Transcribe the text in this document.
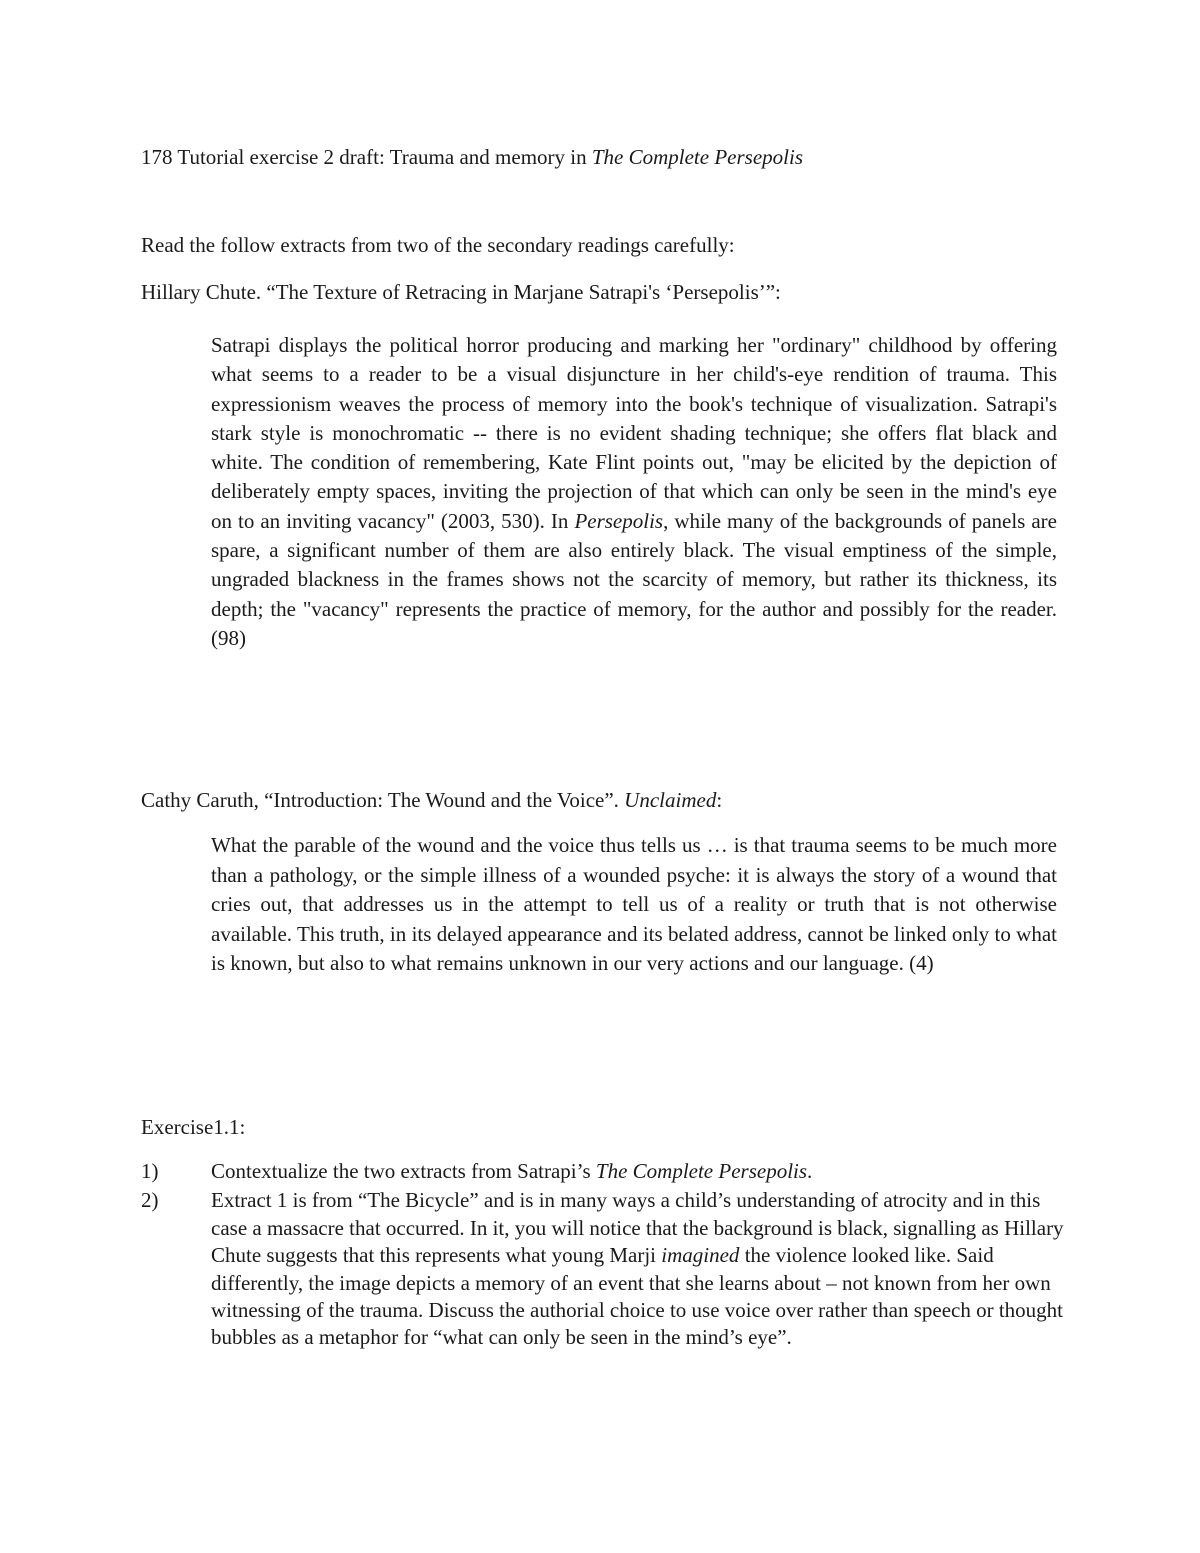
178 Tutorial exercise 2 draft: Trauma and memory in The Complete Persepolis
Read the follow extracts from two of the secondary readings carefully:
Hillary Chute. “The Texture of Retracing in Marjane Satrapi's ‘Persepolis’”:

Satrapi displays the political horror producing and marking her "ordinary" childhood by offering what seems to a reader to be a visual disjuncture in her child's-eye rendition of trauma. This expressionism weaves the process of memory into the book's technique of visualization. Satrapi's stark style is monochromatic -- there is no evident shading technique; she offers flat black and white. The condition of remembering, Kate Flint points out, "may be elicited by the depiction of deliberately empty spaces, inviting the projection of that which can only be seen in the mind's eye on to an inviting vacancy" (2003, 530). In Persepolis, while many of the backgrounds of panels are spare, a significant number of them are also entirely black. The visual emptiness of the simple, ungraded blackness in the frames shows not the scarcity of memory, but rather its thickness, its depth; the "vacancy" represents the practice of memory, for the author and possibly for the reader. (98)

Cathy Caruth, “Introduction: The Wound and the Voice”. Unclaimed:

What the parable of the wound and the voice thus tells us … is that trauma seems to be much more than a pathology, or the simple illness of a wounded psyche: it is always the story of a wound that cries out, that addresses us in the attempt to tell us of a reality or truth that is not otherwise available. This truth, in its delayed appearance and its belated address, cannot be linked only to what is known, but also to what remains unknown in our very actions and our language. (4)

Exercise1.1:
1)	Contextualize the two extracts from Satrapi’s The Complete Persepolis.
2)	Extract 1 is from “The Bicycle” and is in many ways a child’s understanding of atrocity and in this case a massacre that occurred. In it, you will notice that the background is black, signalling as Hillary Chute suggests that this represents what young Marji imagined the violence looked like. Said differently, the image depicts a memory of an event that she learns about – not known from her own witnessing of the trauma. Discuss the authorial choice to use voice over rather than speech or thought bubbles as a metaphor for “what can only be seen in the mind’s eye”.
